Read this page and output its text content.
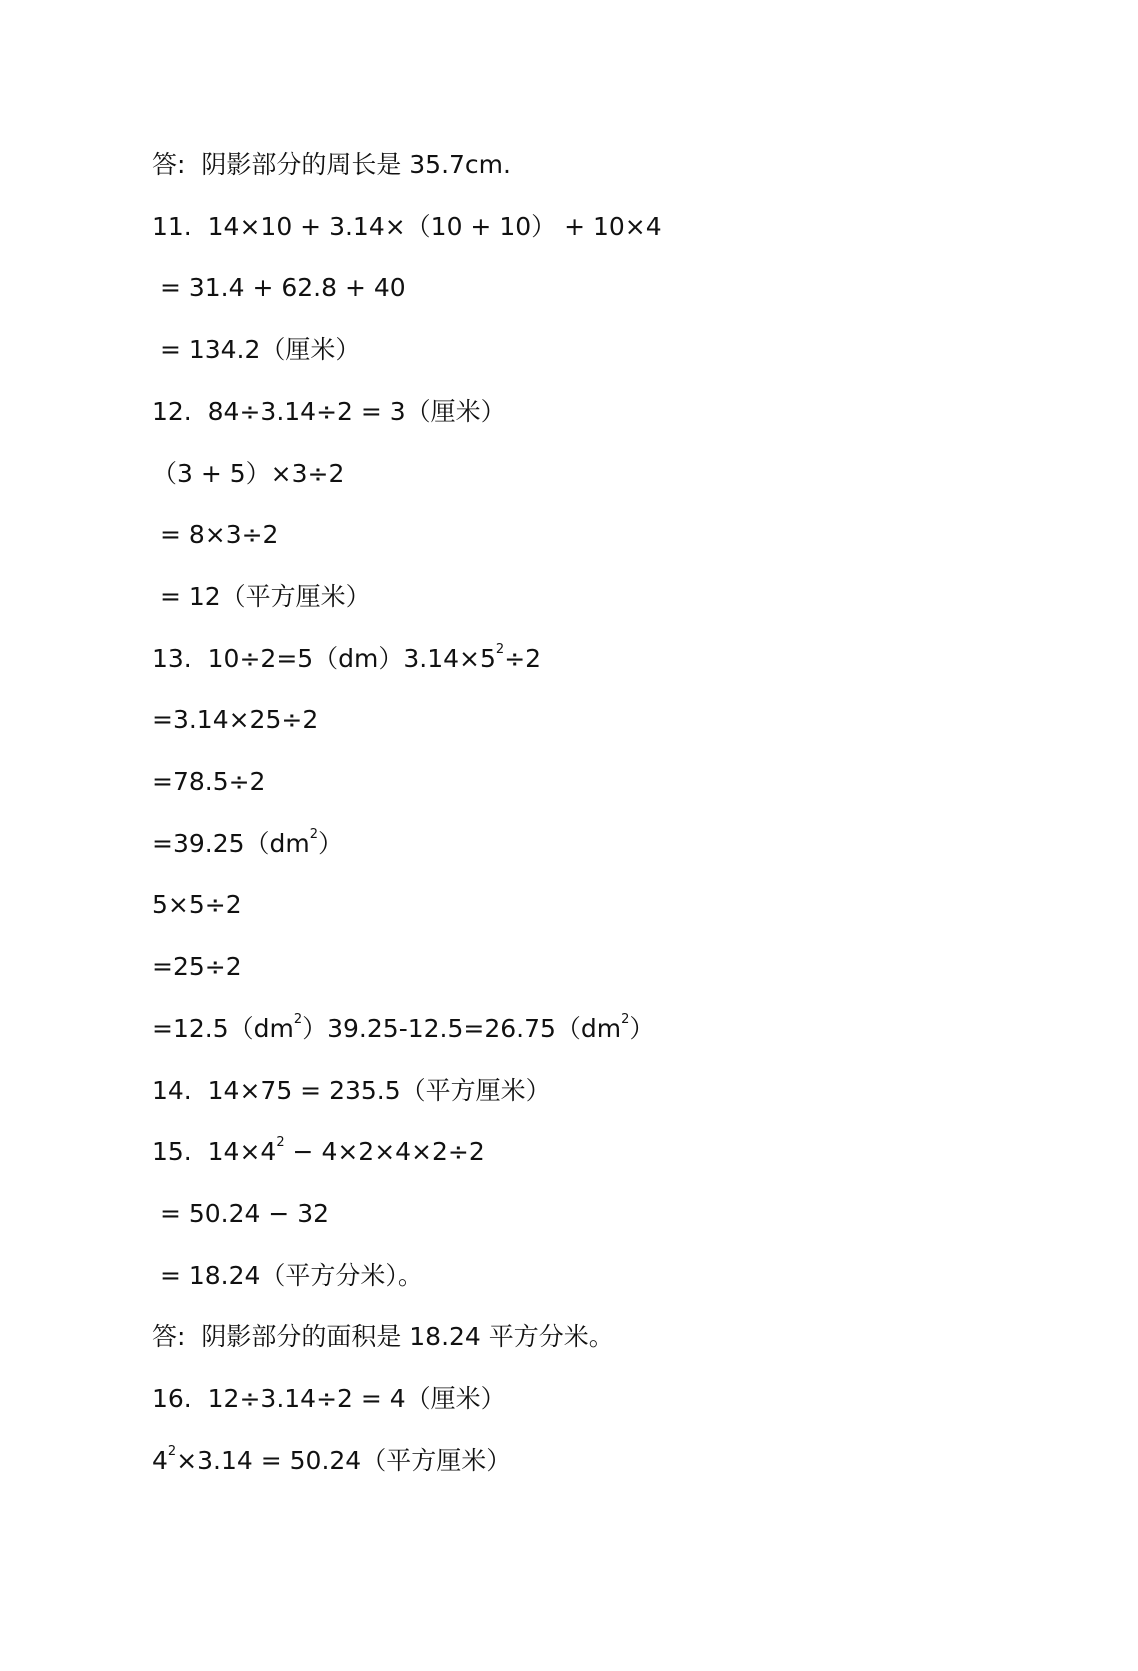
答:  阴影部分的周长是 35.7cm.
11.  14×10 + 3.14×（10 + 10） + 10×4
= 31.4 + 62.8 + 40
= 134.2（厘米）
12.  84÷3.14÷2 = 3（厘米）
（3 + 5）×3÷2
= 8×3÷2
= 12（平方厘米）
13.  $10\div 2=5(dm)3.14\times 5^2\div 2$
=3.14×25÷2
=78.5÷2
$=39.25(dm^2)$
5×5÷2
=25÷2
$=12.5(dm^2)39.25-12.5=26.75(dm^2)$
14.  14×75 = 235.5（平方厘米）
15.  $14\times 4^2 - 4\times 2\times 4\times 2\div 2$
= 50.24 − 32
= 18.24（平方分米）。
答:  阴影部分的面积是 18.24 平方分米。
16.  12÷3.14÷2 = 4（厘米）
$4^2\times 3.14 = 50.24$（平方厘米）
